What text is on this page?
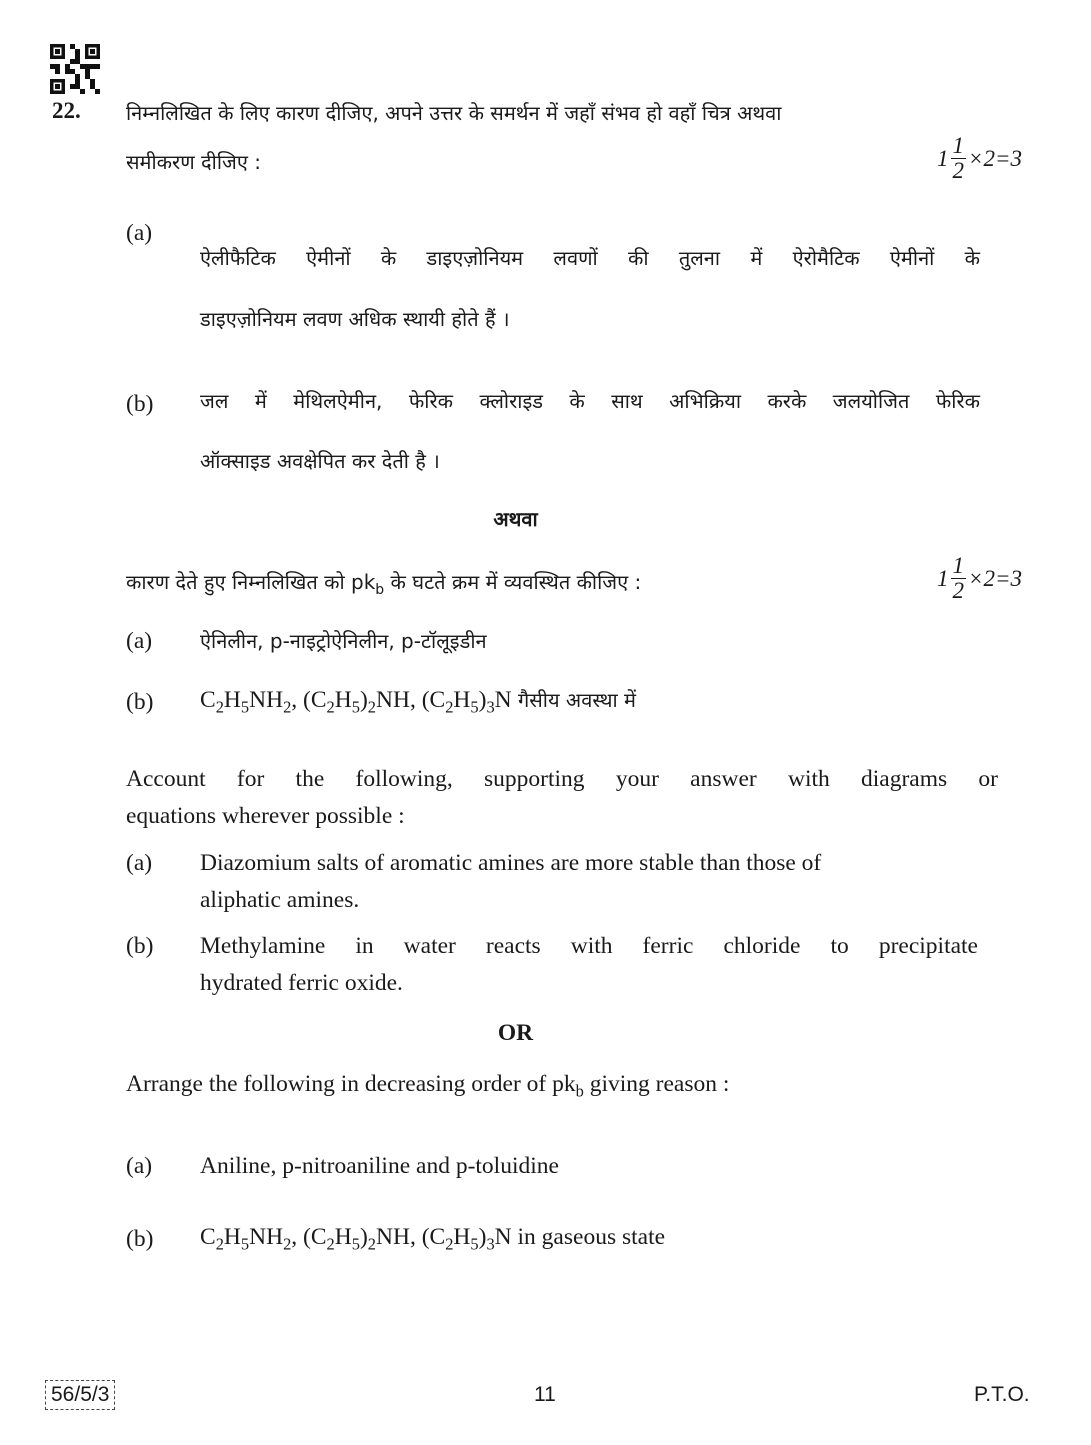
22. निम्नलिखित के लिए कारण दीजिए, अपने उत्तर के समर्थन में जहाँ संभव हो वहाँ चित्र अथवा
समीकरण दीजिए :	$1 \frac{1}{2} \times 2=3$
(a)
ऐलीफैटिक ऐमीनों के डाइएज़ोनियम लवणों की तुलना में ऐरोमैटिक ऐमीनों के
डाइएज़ोनियम लवण अधिक स्थायी होते हैं ।
(b) जल में मेथिलऐमीन, फेरिक क्लोराइड के साथ अभिक्रिया करके जलयोजित फेरिक
ऑक्साइड अवक्षेपित कर देती है ।
अथवा
कारण देते हुए निम्नलिखित को $pk_b$ के घटते क्रम में व्यवस्थित कीजिए :	$1 \frac{1}{2} \times 2=3$
(a) ऐनिलीन, p-नाइट्रोऐनिलीन, p-टॉलूइडीन
(b) $C_2H_5NH_2$, $(C_2H_5)_2NH$, $(C_2H_5)_3N$ गैसीय अवस्था में
Account for the following, supporting your answer with diagrams or
equations wherever possible :
(a) Diazomium salts of aromatic amines are more stable than those of
aliphatic amines.
(b) Methylamine in water reacts with ferric chloride to precipitate
hydrated ferric oxide.
OR
Arrange the following in decreasing order of $pk_b$ giving reason :
(a) Aniline, p-nitroaniline and p-toluidine
(b) $C_2H_5NH_2$, $(C_2H_5)_2NH$, $(C_2H_5)_3N$ in gaseous state
56/5/3	11	P.T.O.
